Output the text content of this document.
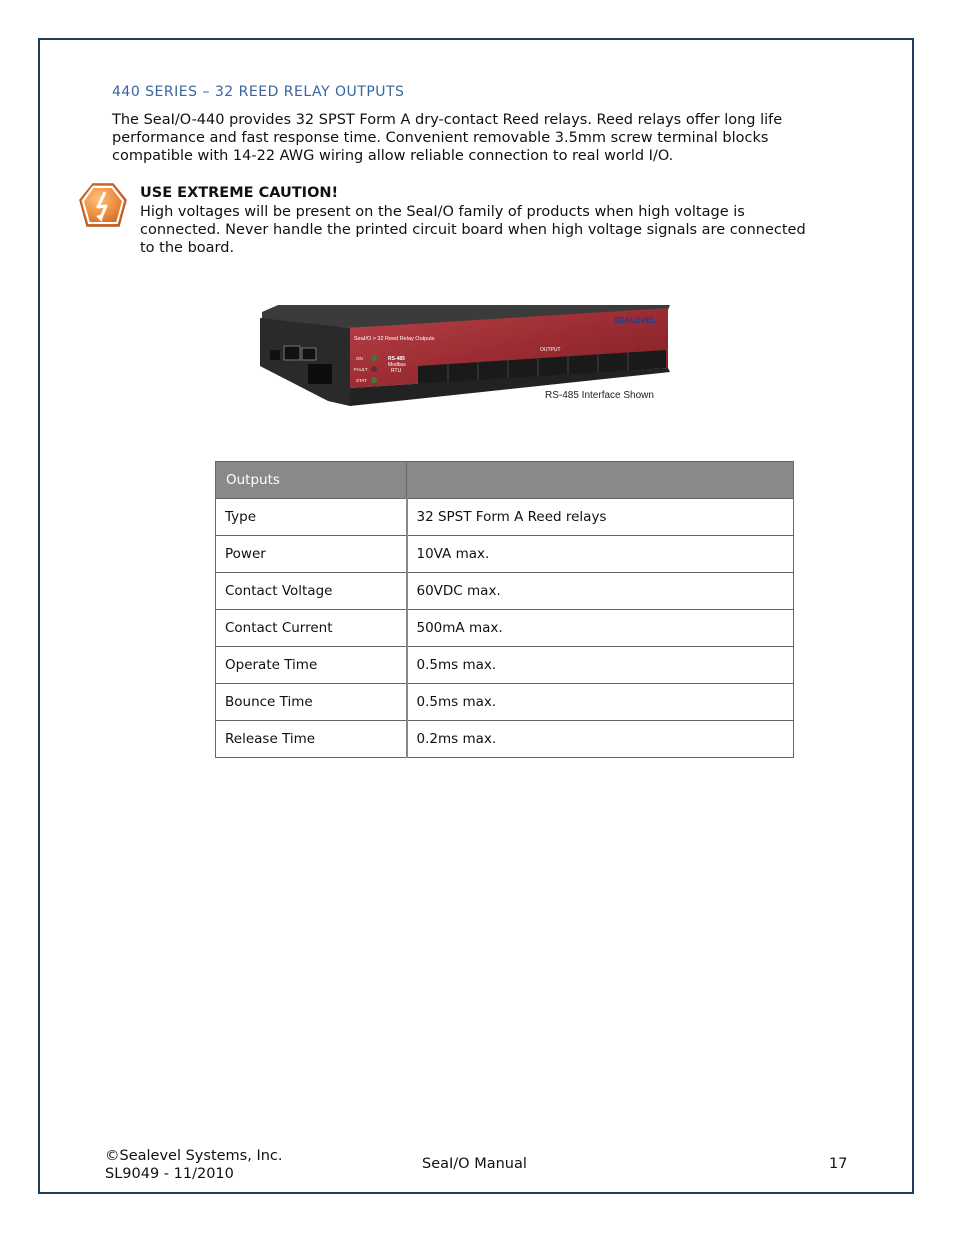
440 SERIES – 32 REED RELAY OUTPUTS
The SeaI/O-440 provides 32 SPST Form A dry-contact Reed relays. Reed relays offer long life
performance and fast response time. Convenient removable 3.5mm screw terminal blocks
compatible with 14-22 AWG wiring allow reliable connection to real world I/O.
USE EXTREME CAUTION!
High voltages will be present on the SeaI/O family of products when high voltage is
connected. Never handle the printed circuit board when high voltage signals are connected
to the board.
SeaI/O > 32 Reed Relay Outputs
SEALEVEL
OUTPUT
ON
FAULT
STAT
RS-485
Modbus
RTU
RS-485 Interface Shown
Outputs	
Type	32 SPST Form A Reed relays
Power	10VA max.
Contact Voltage	60VDC max.
Contact Current	500mA max.
Operate Time	0.5ms max.
Bounce Time	0.5ms max.
Release Time	0.2ms max.
©Sealevel Systems, Inc.
SL9049 - 11/2010
SeaI/O Manual	17
